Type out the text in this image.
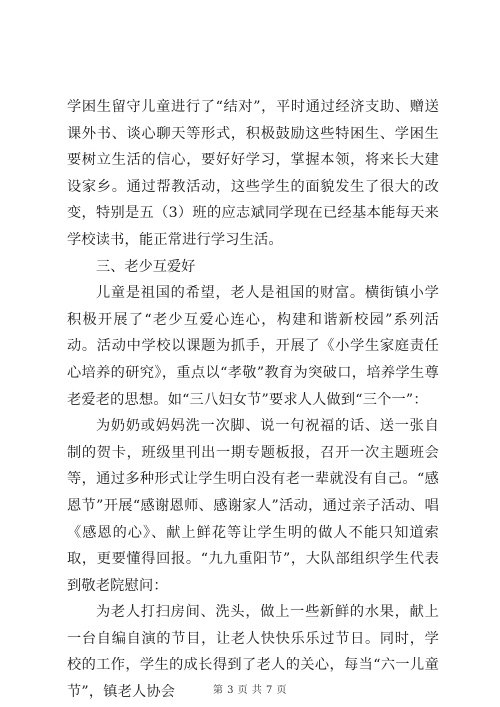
学困生留守儿童进行了“结对”，平时通过经济支助、赠送课外书、谈心聊天等形式，积极鼓励这些特困生、学困生要树立生活的信心，要好好学习，掌握本领，将来长大建设家乡。通过帮教活动，这些学生的面貌发生了很大的改变，特别是五（3）班的应志斌同学现在已经基本能每天来学校读书，能正常进行学习生活。

三、老少互爱好

儿童是祖国的希望，老人是祖国的财富。横街镇小学积极开展了“老少互爱心连心，构建和谐新校园”系列活动。活动中学校以课题为抓手，开展了《小学生家庭责任心培养的研究》，重点以“孝敬”教育为突破口，培养学生尊老爱老的思想。如“三八妇女节”要求人人做到“三个一”：

为奶奶或妈妈洗一次脚、说一句祝福的话、送一张自制的贺卡，班级里刊出一期专题板报，召开一次主题班会等，通过多种形式让学生明白没有老一辈就没有自己。“感恩节”开展“感谢恩师、感谢家人”活动，通过亲子活动、唱《感恩的心》、献上鲜花等让学生明的做人不能只知道索取，更要懂得回报。“九九重阳节”，大队部组织学生代表到敬老院慰问：

为老人打扫房间、洗头，做上一些新鲜的水果，献上一台自编自演的节目，让老人快快乐乐过节日。同时，学校的工作，学生的成长得到了老人的关心，每当“六一儿童节”，镇老人协会	第 3 页 共 7 页
